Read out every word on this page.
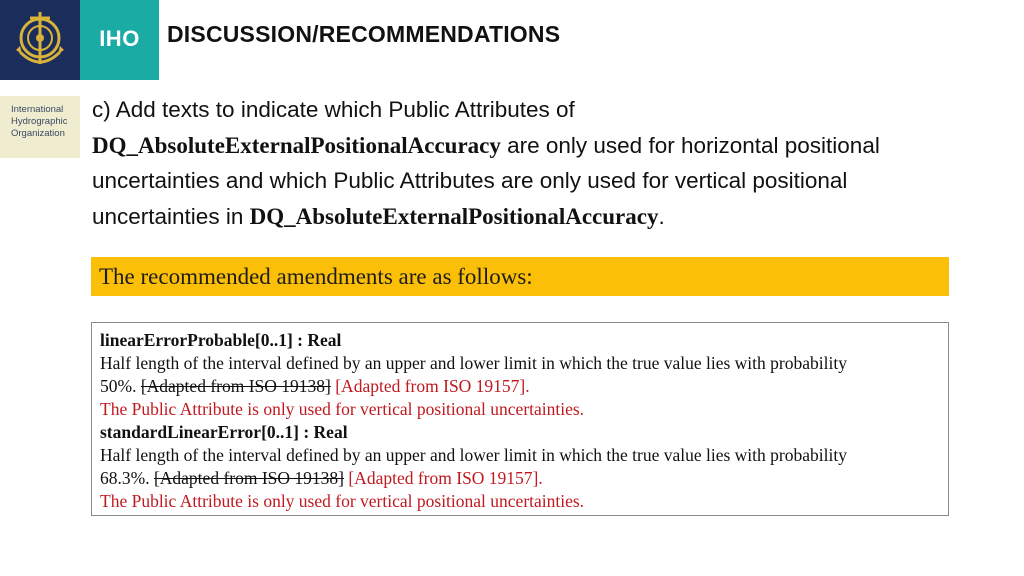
IHO
International
Hydrographic
Organization
DISCUSSION/RECOMMENDATIONS
c) Add texts to indicate which Public Attributes of
DQ_AbsoluteExternalPositionalAccuracy are only used for horizontal positional uncertainties and which Public Attributes are only used for vertical positional uncertainties in DQ_AbsoluteExternalPositionalAccuracy.
The recommended amendments are as follows:
linearErrorProbable[0..1] : Real
Half length of the interval defined by an upper and lower limit in which the true value lies with probability
50%. [Adapted from ISO 19138] [Adapted from ISO 19157].
The Public Attribute is only used for vertical positional uncertainties.
standardLinearError[0..1] : Real
Half length of the interval defined by an upper and lower limit in which the true value lies with probability
68.3%. [Adapted from ISO 19138] [Adapted from ISO 19157].
The Public Attribute is only used for vertical positional uncertainties.
